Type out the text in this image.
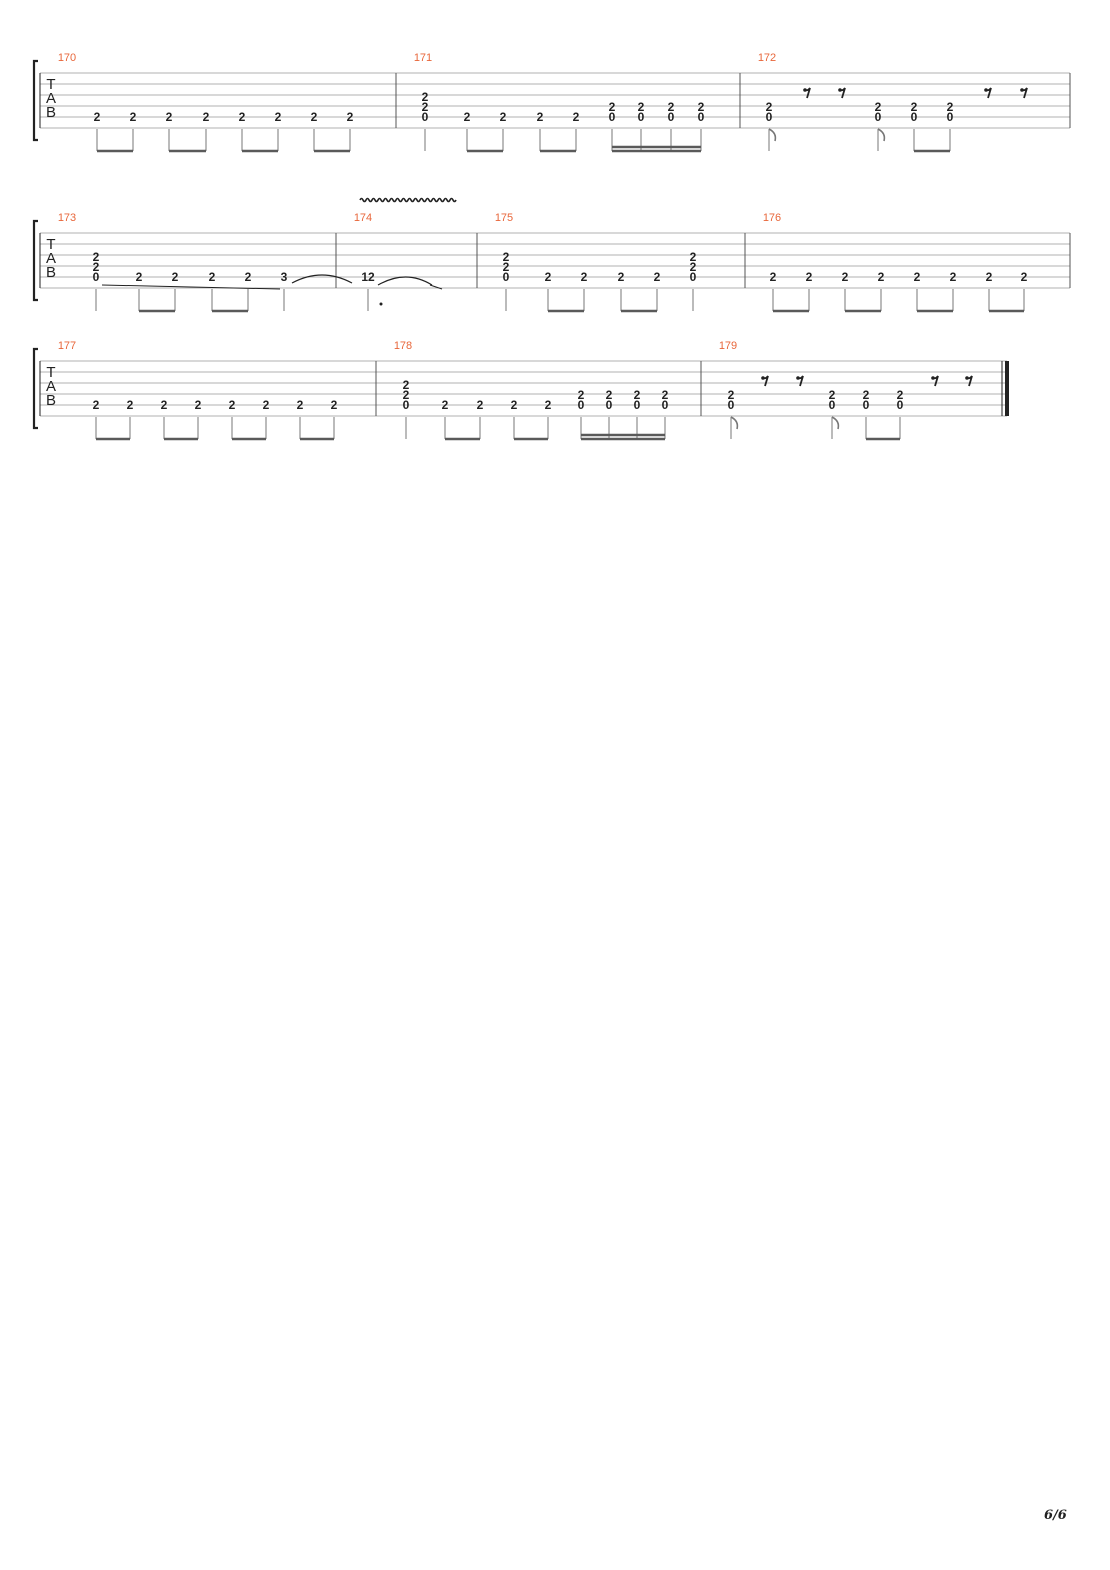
T
A
B
170
2 2 2	2 2 2 2 2
171
2
2
0	2 2	2 2
2
0
2
0
2
0
2
0
172
2
0
2
0
2
0
2
0
T
A
B
173
2
2
0	2 2	2 2 3
174
12
175
2
2
0	2 2	2 2
2
2
0
176
2 2 2 2 2 2 2 2
T
A
B
177
2 2 2 2 2 2 2 2
178
2
2
0	2 2 2 2
2
0
2
0
2
0
2
0
179
2
0
2
0
2
0
2
0
6/6
